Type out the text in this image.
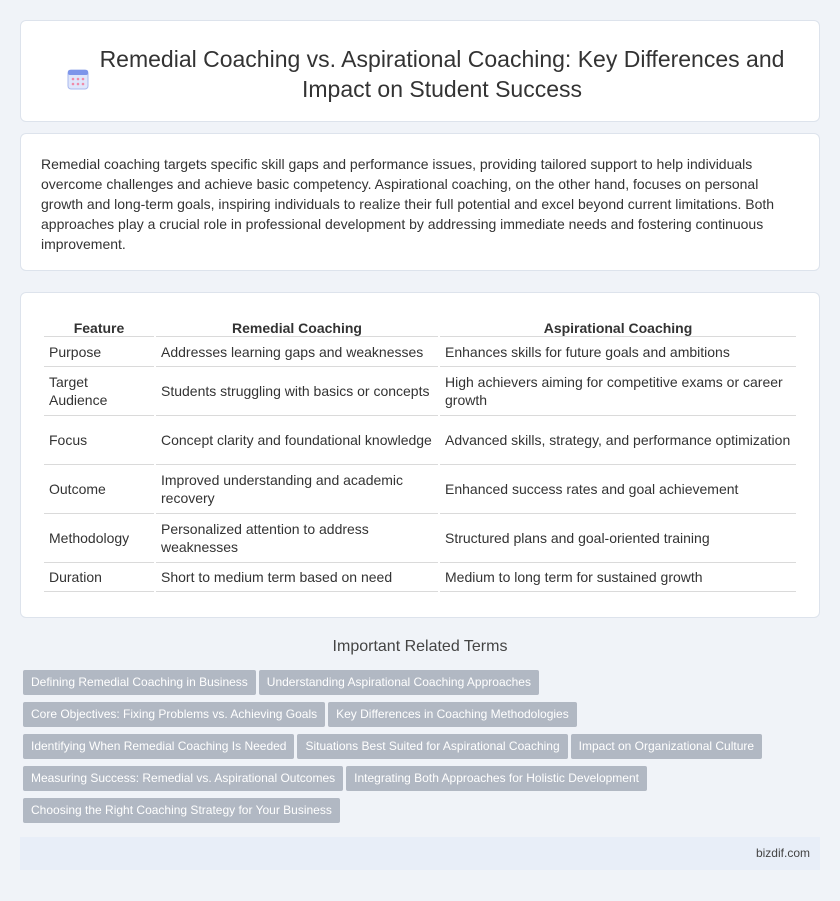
Remedial Coaching vs. Aspirational Coaching: Key Differences and Impact on Student Success

Remedial coaching targets specific skill gaps and performance issues, providing tailored support to help individuals overcome challenges and achieve basic competency. Aspirational coaching, on the other hand, focuses on personal growth and long-term goals, inspiring individuals to realize their full potential and excel beyond current limitations. Both approaches play a crucial role in professional development by addressing immediate needs and fostering continuous improvement.

Feature	Remedial Coaching	Aspirational Coaching
Purpose	Addresses learning gaps and weaknesses	Enhances skills for future goals and ambitions
Target Audience	Students struggling with basics or concepts	High achievers aiming for competitive exams or career growth
Focus	Concept clarity and foundational knowledge	Advanced skills, strategy, and performance optimization
Outcome	Improved understanding and academic recovery	Enhanced success rates and goal achievement
Methodology	Personalized attention to address weaknesses	Structured plans and goal-oriented training
Duration	Short to medium term based on need	Medium to long term for sustained growth
Important Related Terms
Defining Remedial Coaching in Business Understanding Aspirational Coaching Approaches
Core Objectives: Fixing Problems vs. Achieving Goals Key Differences in Coaching Methodologies
Identifying When Remedial Coaching Is Needed Situations Best Suited for Aspirational Coaching Impact on Organizational Culture
Measuring Success: Remedial vs. Aspirational Outcomes Integrating Both Approaches for Holistic Development
Choosing the Right Coaching Strategy for Your Business
bizdif.com
